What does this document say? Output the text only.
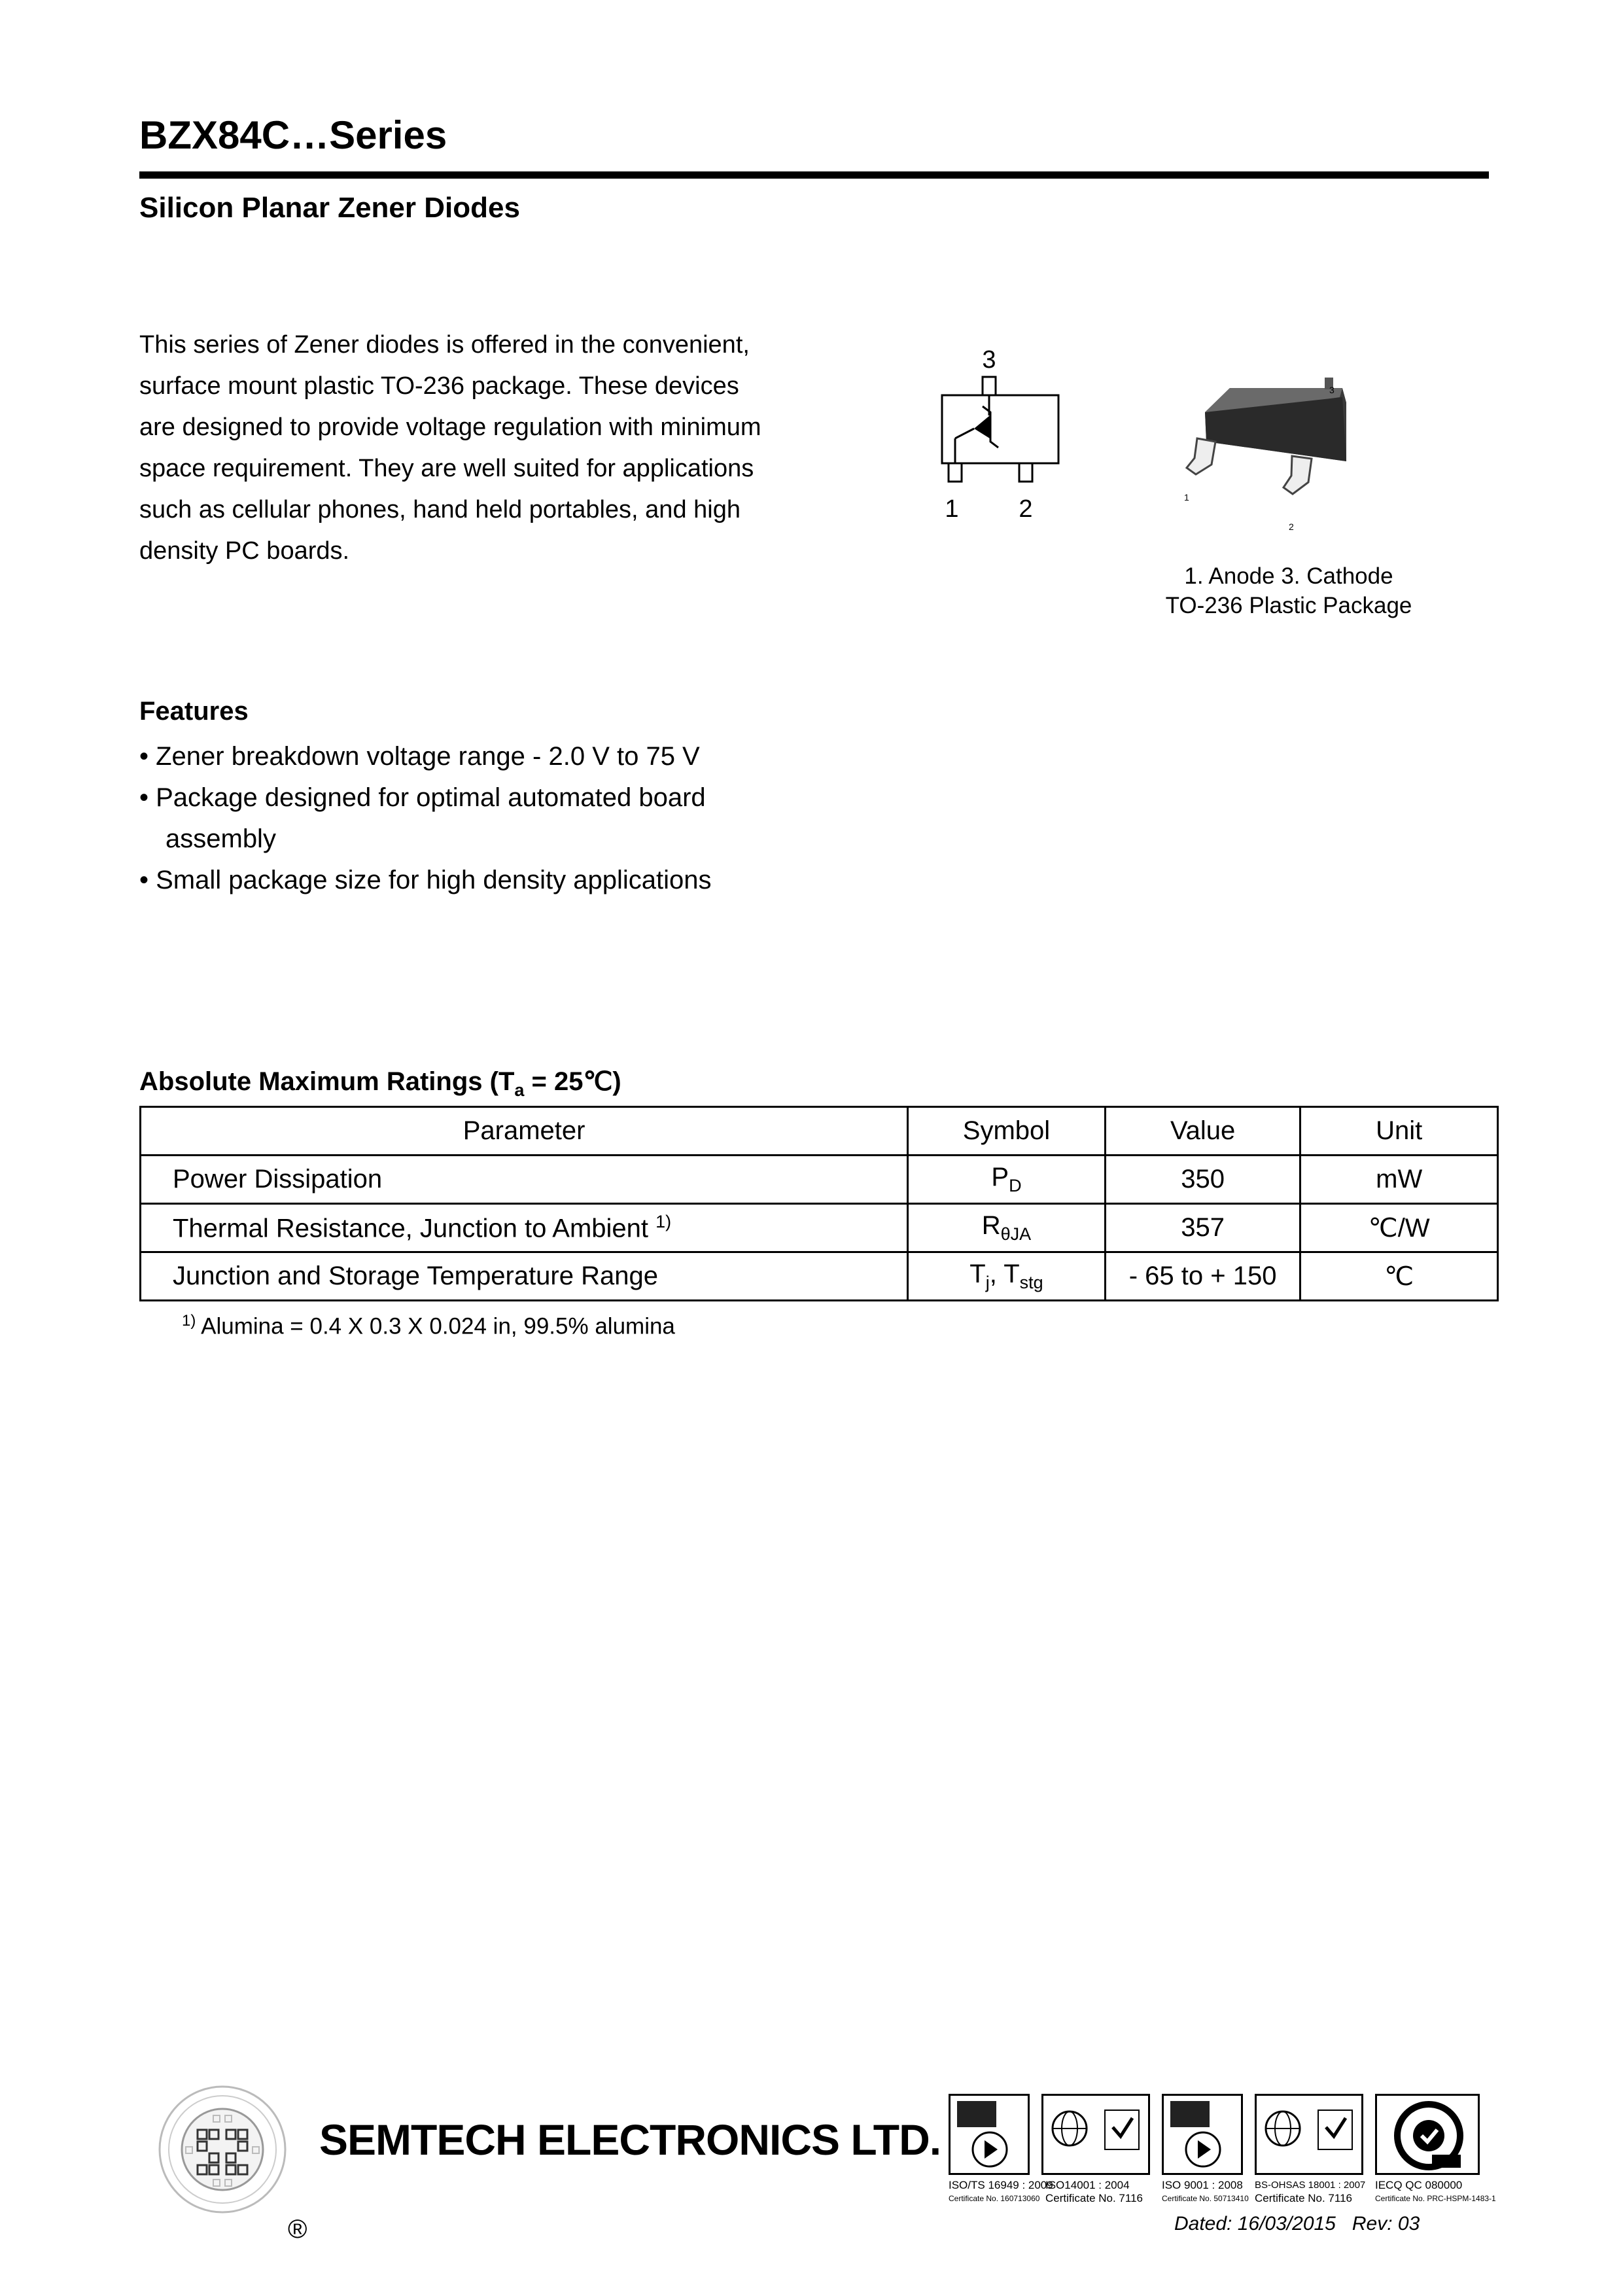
BZX84C…Series
Silicon Planar Zener Diodes
This series of Zener diodes is offered in the convenient,
surface mount plastic TO-236 package. These devices
are designed to provide voltage regulation with minimum
space requirement. They are well suited for applications
such as cellular phones, hand held portables, and high
density PC boards.
3
1 2
3
1
2
1. Anode 3. Cathode
TO-236 Plastic Package
Features
• Zener breakdown voltage range - 2.0 V to 75 V
• Package designed for optimal automated board
assembly
• Small package size for high density applications
Absolute Maximum Ratings ($T_a$ = 25℃)
Parameter	Symbol	Value	Unit
Power Dissipation	$P_D$	350	mW
Thermal Resistance, Junction to Ambient $^{1)}$	$R_{\theta JA}$	357	℃/W
Junction and Storage Temperature Range	$T_j$, $T_{stg}$	- 65 to + 150	℃
$^{1)}$ Alumina = 0.4 X 0.3 X 0.024 in, 99.5% alumina
®
SEMTECH ELECTRONICS LTD.
ISO/TS 16949 : 2009
Certificate No. 160713060
ISO14001 : 2004
Certificate No. 7116
ISO 9001 : 2008
Certificate No. 50713410
BS-OHSAS 18001 : 2007
Certificate No. 7116
IECQ QC 080000
Certificate No. PRC-HSPM-1483-1
Dated: 16/03/2015   Rev: 03
